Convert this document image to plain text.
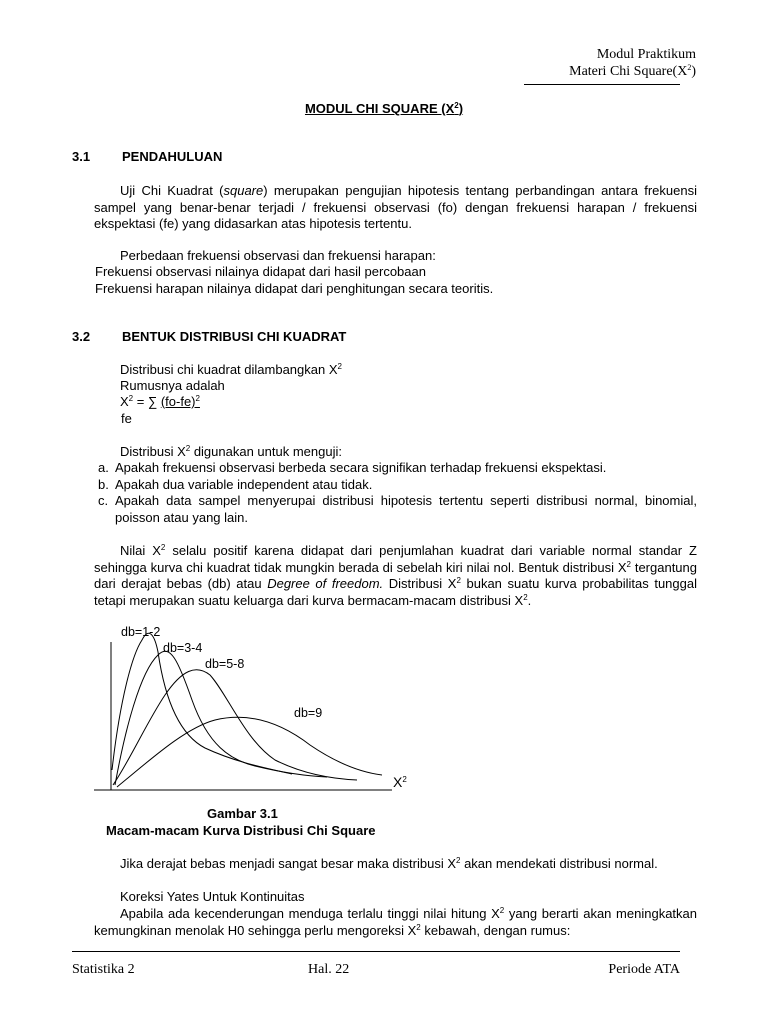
Modul Praktikum
Materi Chi $Square(X^2)$
MODUL CHI SQUARE $(X^2)$
3.1 PENDAHULUAN
Uji Chi Kuadrat (square) merupakan pengujian hipotesis tentang perbandingan antara frekuensi sampel yang benar-benar terjadi / frekuensi observasi (fo) dengan frekuensi harapan / frekuensi ekspektasi (fe) yang didasarkan atas hipotesis tertentu.
Perbedaan frekuensi observasi dan frekuensi harapan:
Frekuensi observasi nilainya didapat dari hasil percobaan
Frekuensi harapan nilainya didapat dari penghitungan secara teoritis.
3.2 BENTUK DISTRIBUSI CHI KUADRAT
Distribusi chi kuadrat dilambangkan $X^2$
Rumusnya adalah
$X^2$ = ∑ $(fo-fe)^2$
fe
Distribusi $X^2$ digunakan untuk menguji:
a. Apakah frekuensi observasi berbeda secara signifikan terhadap frekuensi ekspektasi.
b. Apakah dua variable independent atau tidak.
c. Apakah data sampel menyerupai distribusi hipotesis tertentu seperti distribusi normal, binomial, poisson atau yang lain.
Nilai $X^2$ selalu positif karena didapat dari penjumlahan kuadrat dari variable normal standar Z sehingga kurva chi kuadrat tidak mungkin berada di sebelah kiri nilai nol. Bentuk distribusi $X^2$ tergantung dari derajat bebas (db) atau Degree of freedom. Distribusi $X^2$ bukan suatu kurva probabilitas tunggal tetapi merupakan suatu keluarga dari kurva bermacam-macam distribusi $X^2$.
db=1-2
db=3-4
db=5-8
db=9
$X^2$
Gambar 3.1
Macam-macam Kurva Distribusi Chi Square
Jika derajat bebas menjadi sangat besar maka distribusi $X^2$ akan mendekati distribusi normal.
Koreksi Yates Untuk Kontinuitas
Apabila ada kecenderungan menduga terlalu tinggi nilai hitung $X^2$ yang berarti akan meningkatkan kemungkinan menolak H0 sehingga perlu mengoreksi $X^2$ kebawah, dengan rumus:
Statistika 2	Hal. 22	Periode ATA
